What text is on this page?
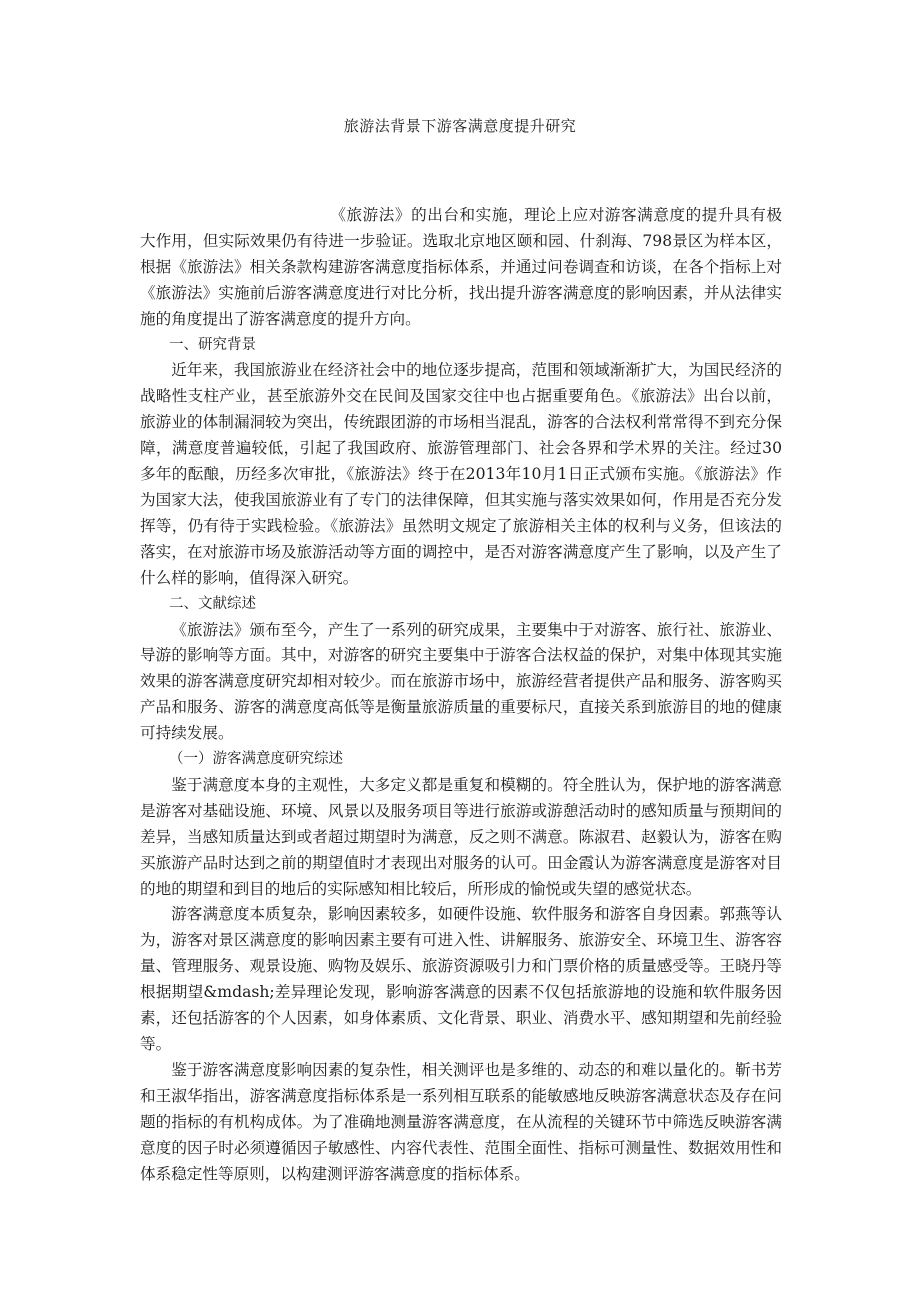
旅游法背景下游客满意度提升研究

《旅游法》的出台和实施，理论上应对游客满意度的提升具有极大作用，但实际效果仍有待进一步验证。选取北京地区颐和园、什刹海、798景区为样本区，根据《旅游法》相关条款构建游客满意度指标体系，并通过问卷调查和访谈，在各个指标上对《旅游法》实施前后游客满意度进行对比分析，找出提升游客满意度的影响因素，并从法律实施的角度提出了游客满意度的提升方向。

一、研究背景

近年来，我国旅游业在经济社会中的地位逐步提高，范围和领域渐渐扩大，为国民经济的战略性支柱产业，甚至旅游外交在民间及国家交往中也占据重要角色。《旅游法》出台以前，旅游业的体制漏洞较为突出，传统跟团游的市场相当混乱，游客的合法权利常常得不到充分保障，满意度普遍较低，引起了我国政府、旅游管理部门、社会各界和学术界的关注。经过30多年的酝酿，历经多次审批，《旅游法》终于在2013年10月1日正式颁布实施。《旅游法》作为国家大法，使我国旅游业有了专门的法律保障，但其实施与落实效果如何，作用是否充分发挥等，仍有待于实践检验。《旅游法》虽然明文规定了旅游相关主体的权利与义务，但该法的落实，在对旅游市场及旅游活动等方面的调控中，是否对游客满意度产生了影响，以及产生了什么样的影响，值得深入研究。

二、文献综述

《旅游法》颁布至今，产生了一系列的研究成果，主要集中于对游客、旅行社、旅游业、导游的影响等方面。其中，对游客的研究主要集中于游客合法权益的保护，对集中体现其实施效果的游客满意度研究却相对较少。而在旅游市场中，旅游经营者提供产品和服务、游客购买产品和服务、游客的满意度高低等是衡量旅游质量的重要标尺，直接关系到旅游目的地的健康可持续发展。

（一）游客满意度研究综述

鉴于满意度本身的主观性，大多定义都是重复和模糊的。符全胜认为，保护地的游客满意是游客对基础设施、环境、风景以及服务项目等进行旅游或游憩活动时的感知质量与预期间的差异，当感知质量达到或者超过期望时为满意，反之则不满意。陈淑君、赵毅认为，游客在购买旅游产品时达到之前的期望值时才表现出对服务的认可。田金霞认为游客满意度是游客对目的地的期望和到目的地后的实际感知相比较后，所形成的愉悦或失望的感觉状态。

游客满意度本质复杂，影响因素较多，如硬件设施、软件服务和游客自身因素。郭燕等认为，游客对景区满意度的影响因素主要有可进入性、讲解服务、旅游安全、环境卫生、游客容量、管理服务、观景设施、购物及娱乐、旅游资源吸引力和门票价格的质量感受等。王晓丹等根据期望&mdash;差异理论发现，影响游客满意的因素不仅包括旅游地的设施和软件服务因素，还包括游客的个人因素，如身体素质、文化背景、职业、消费水平、感知期望和先前经验等。

鉴于游客满意度影响因素的复杂性，相关测评也是多维的、动态的和难以量化的。靳书芳和王淑华指出，游客满意度指标体系是一系列相互联系的能敏感地反映游客满意状态及存在问题的指标的有机构成体。为了准确地测量游客满意度，在从流程的关键环节中筛选反映游客满意度的因子时必须遵循因子敏感性、内容代表性、范围全面性、指标可测量性、数据效用性和体系稳定性等原则，以构建测评游客满意度的指标体系。
